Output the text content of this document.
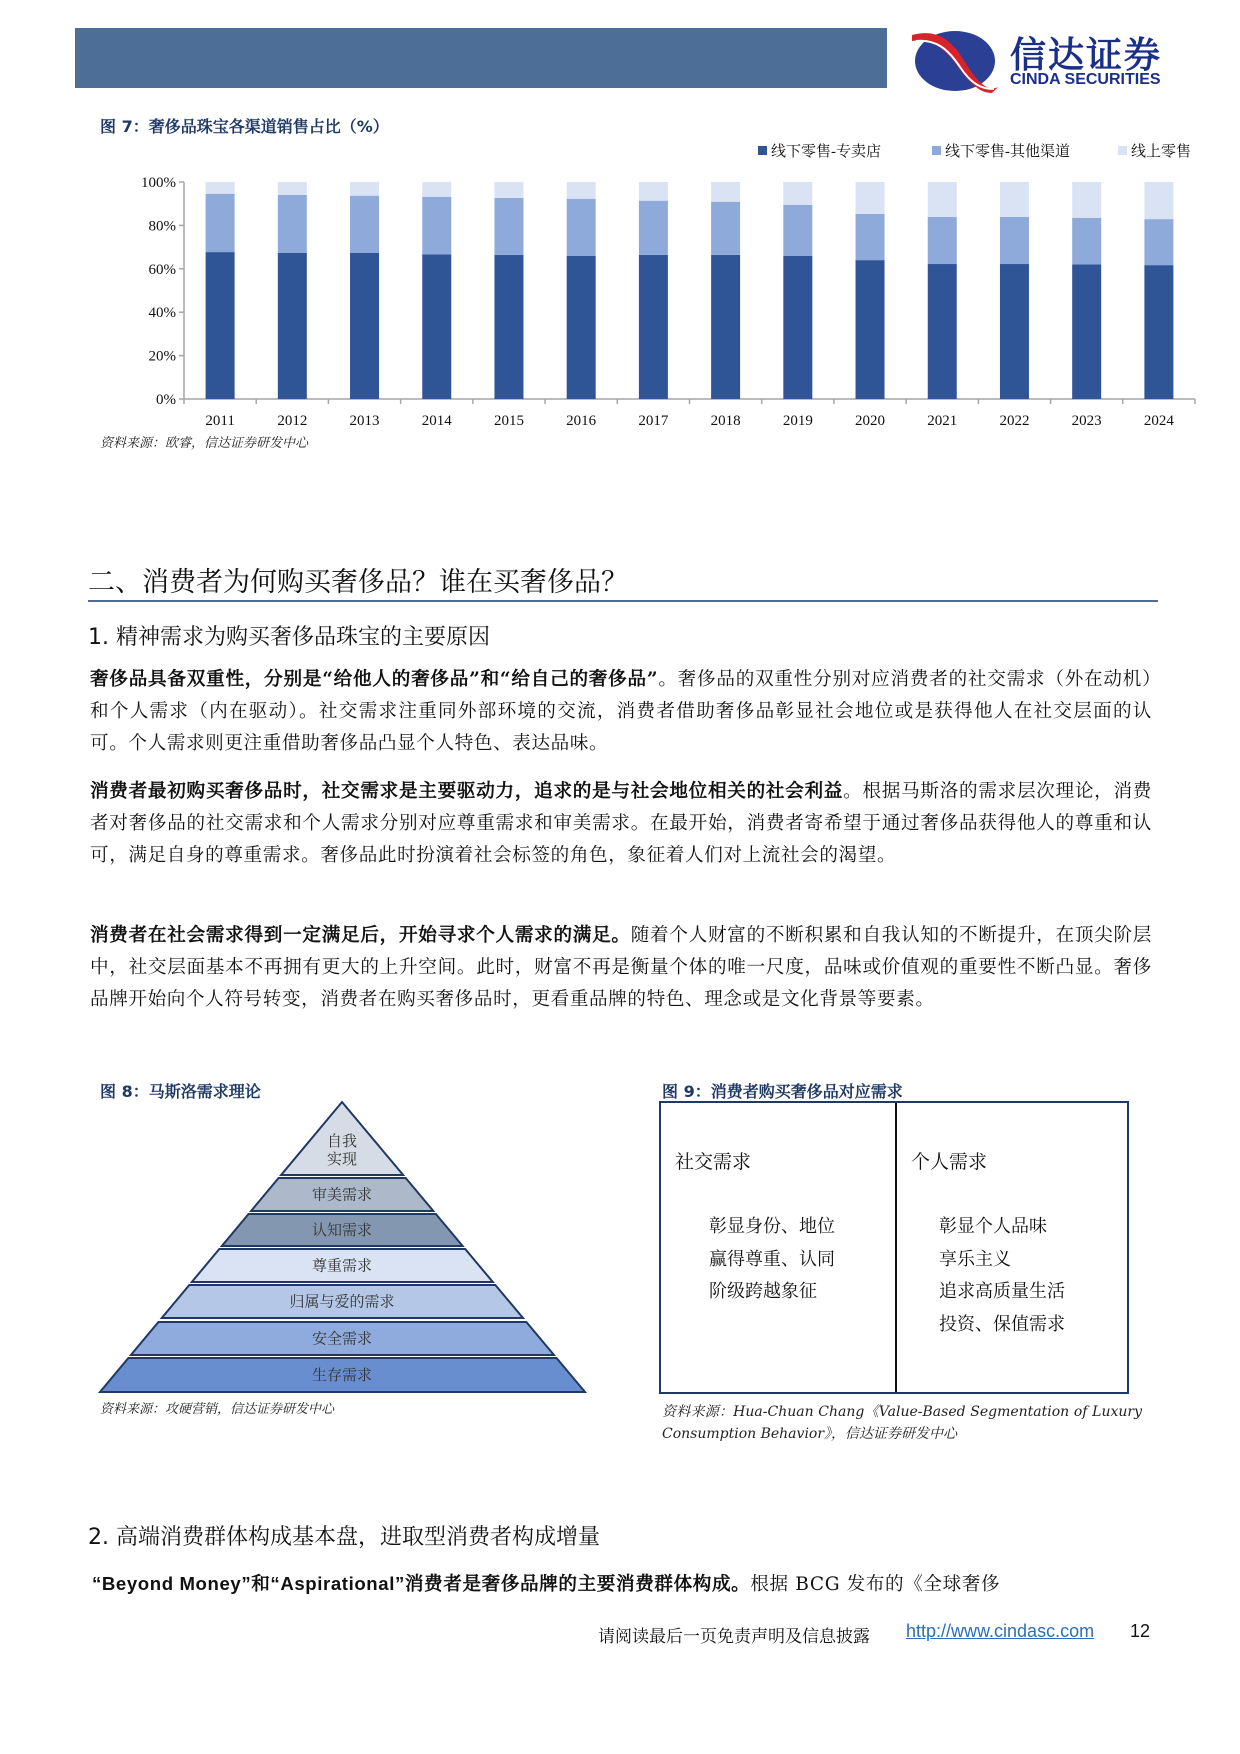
信达证券
CINDA SECURITIES
图 7：奢侈品珠宝各渠道销售占比（%）
0%
20%
40%
60%
80%
100%
2011	2012	2013	2014	2015	2016	2017	2018	2019	2020	2021	2022	2023	2024
线下零售-专卖店	线下零售-其他渠道	线上零售
资料来源：欧睿，信达证券研发中心
二、消费者为何购买奢侈品？谁在买奢侈品？
1. 精神需求为购买奢侈品珠宝的主要原因
奢侈品具备双重性，分别是“给他人的奢侈品”和“给自己的奢侈品”。奢侈品的双重性分别对应消费者的社交需求（外在动机）和个人需求（内在驱动）。社交需求注重同外部环境的交流，消费者借助奢侈品彰显社会地位或是获得他人在社交层面的认可。个人需求则更注重借助奢侈品凸显个人特色、表达品味。
消费者最初购买奢侈品时，社交需求是主要驱动力，追求的是与社会地位相关的社会利益。根据马斯洛的需求层次理论，消费者对奢侈品的社交需求和个人需求分别对应尊重需求和审美需求。在最开始，消费者寄希望于通过奢侈品获得他人的尊重和认可，满足自身的尊重需求。奢侈品此时扮演着社会标签的角色，象征着人们对上流社会的渴望。
消费者在社会需求得到一定满足后，开始寻求个人需求的满足。随着个人财富的不断积累和自我认知的不断提升，在顶尖阶层中，社交层面基本不再拥有更大的上升空间。此时，财富不再是衡量个体的唯一尺度，品味或价值观的重要性不断凸显。奢侈品牌开始向个人符号转变，消费者在购买奢侈品时，更看重品牌的特色、理念或是文化背景等要素。
图 8：马斯洛需求理论
自我
实现
审美需求
认知需求
尊重需求
归属与爱的需求
安全需求
生存需求
资料来源：攻硬营销，信达证券研发中心
图 9：消费者购买奢侈品对应需求
社交需求
彰显身份、地位
赢得尊重、认同
阶级跨越象征
个人需求
彰显个人品味
享乐主义
追求高质量生活
投资、保值需求
资料来源：Hua-Chuan Chang《Value-Based Segmentation of Luxury
Consumption Behavior》，信达证券研发中心
2. 高端消费群体构成基本盘，进取型消费者构成增量
“Beyond Money”和“Aspirational”消费者是奢侈品牌的主要消费群体构成。根据 BCG 发布的《全球奢侈
请阅读最后一页免责声明及信息披露 http://www.cindasc.com 12
